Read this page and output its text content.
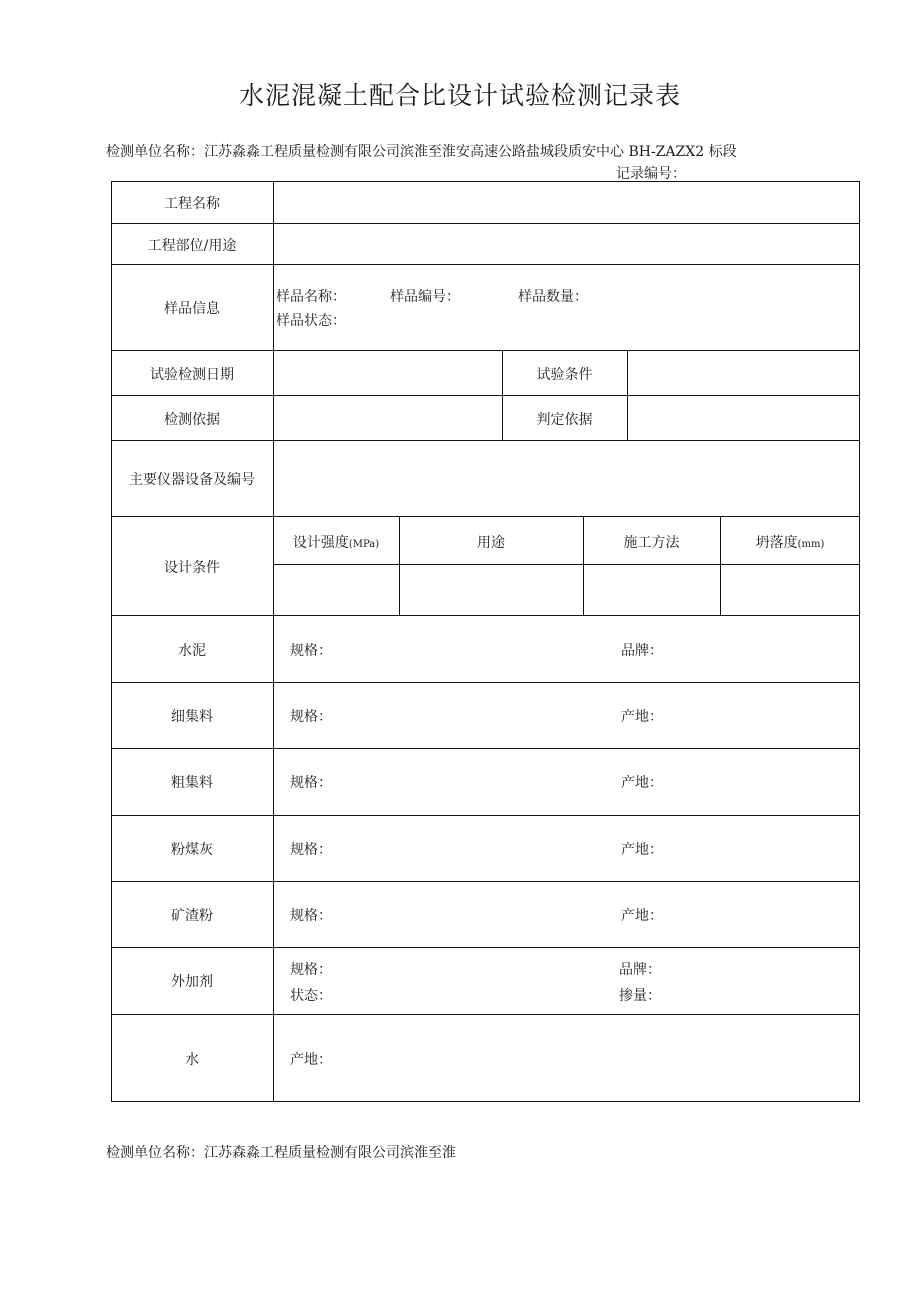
水泥混凝土配合比设计试验检测记录表
检测单位名称：江苏淼淼工程质量检测有限公司滨淮至淮安高速公路盐城段质安中心 BH-ZAZX2 标段
记录编号：
工程名称
工程部位/用途
样品信息
样品名称：	样品编号：	样品数量：
样品状态：
试验检测日期	试验条件
检测依据	判定依据
主要仪器设备及编号
设计条件
设计强度(MPa)	用途	施工方法	坍落度(mm)
水泥	规格：	品牌：
细集料	规格：	产地：
粗集料	规格：	产地：
粉煤灰	规格：	产地：
矿渣粉	规格：	产地：
外加剂
规格：	品牌：
状态：	掺量：
水	产地：
检测单位名称：江苏森淼工程质量检测有限公司滨淮至淮
